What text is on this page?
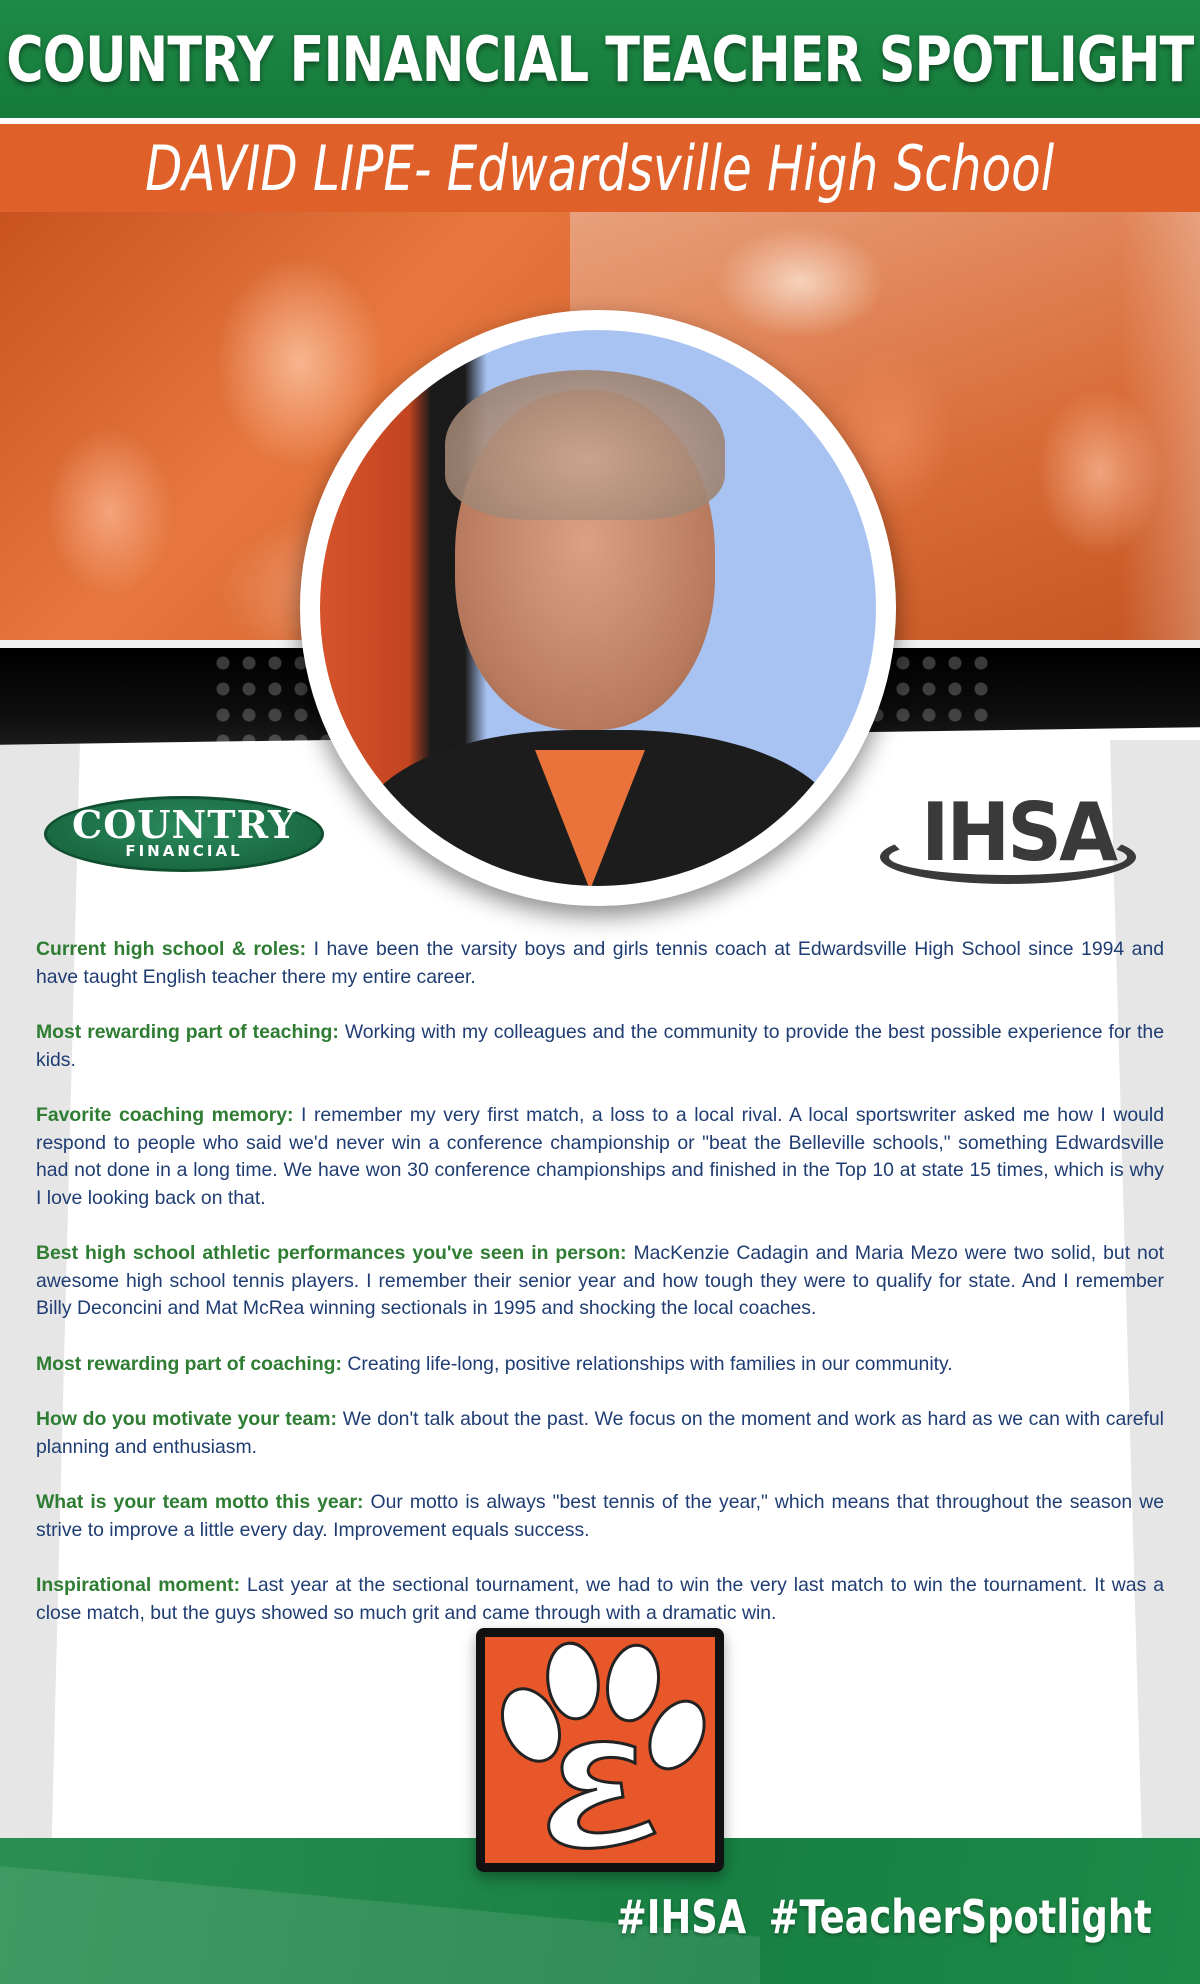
COUNTRY FINANCIAL TEACHER SPOTLIGHT
DAVID LIPE- Edwardsville High School
COUNTRY
FINANCIAL	IHSA

Current high school & roles: I have been the varsity boys and girls tennis coach at Edwardsville High School since 1994 and have taught English teacher there my entire career.

Most rewarding part of teaching: Working with my colleagues and the community to provide the best possible experience for the kids.

Favorite coaching memory: I remember my very first match, a loss to a local rival. A local sportswriter asked me how I would respond to people who said we'd never win a conference championship or "beat the Belleville schools," something Edwardsville had not done in a long time. We have won 30 conference championships and finished in the Top 10 at state 15 times, which is why I love looking back on that.

Best high school athletic performances you've seen in person: MacKenzie Cadagin and Maria Mezo were two solid, but not awesome high school tennis players. I remember their senior year and how tough they were to qualify for state. And I remember Billy Deconcini and Mat McRea winning sectionals in 1995 and shocking the local coaches.

Most rewarding part of coaching: Creating life-long, positive relationships with families in our community.

How do you motivate your team: We don't talk about the past. We focus on the moment and work as hard as we can with careful planning and enthusiasm.

What is your team motto this year: Our motto is always "best tennis of the year," which means that throughout the season we strive to improve a little every day. Improvement equals success.

Inspirational moment: Last year at the sectional tournament, we had to win the very last match to win the tournament. It was a close match, but the guys showed so much grit and came through with a dramatic win.

#IHSA #TeacherSpotlight
